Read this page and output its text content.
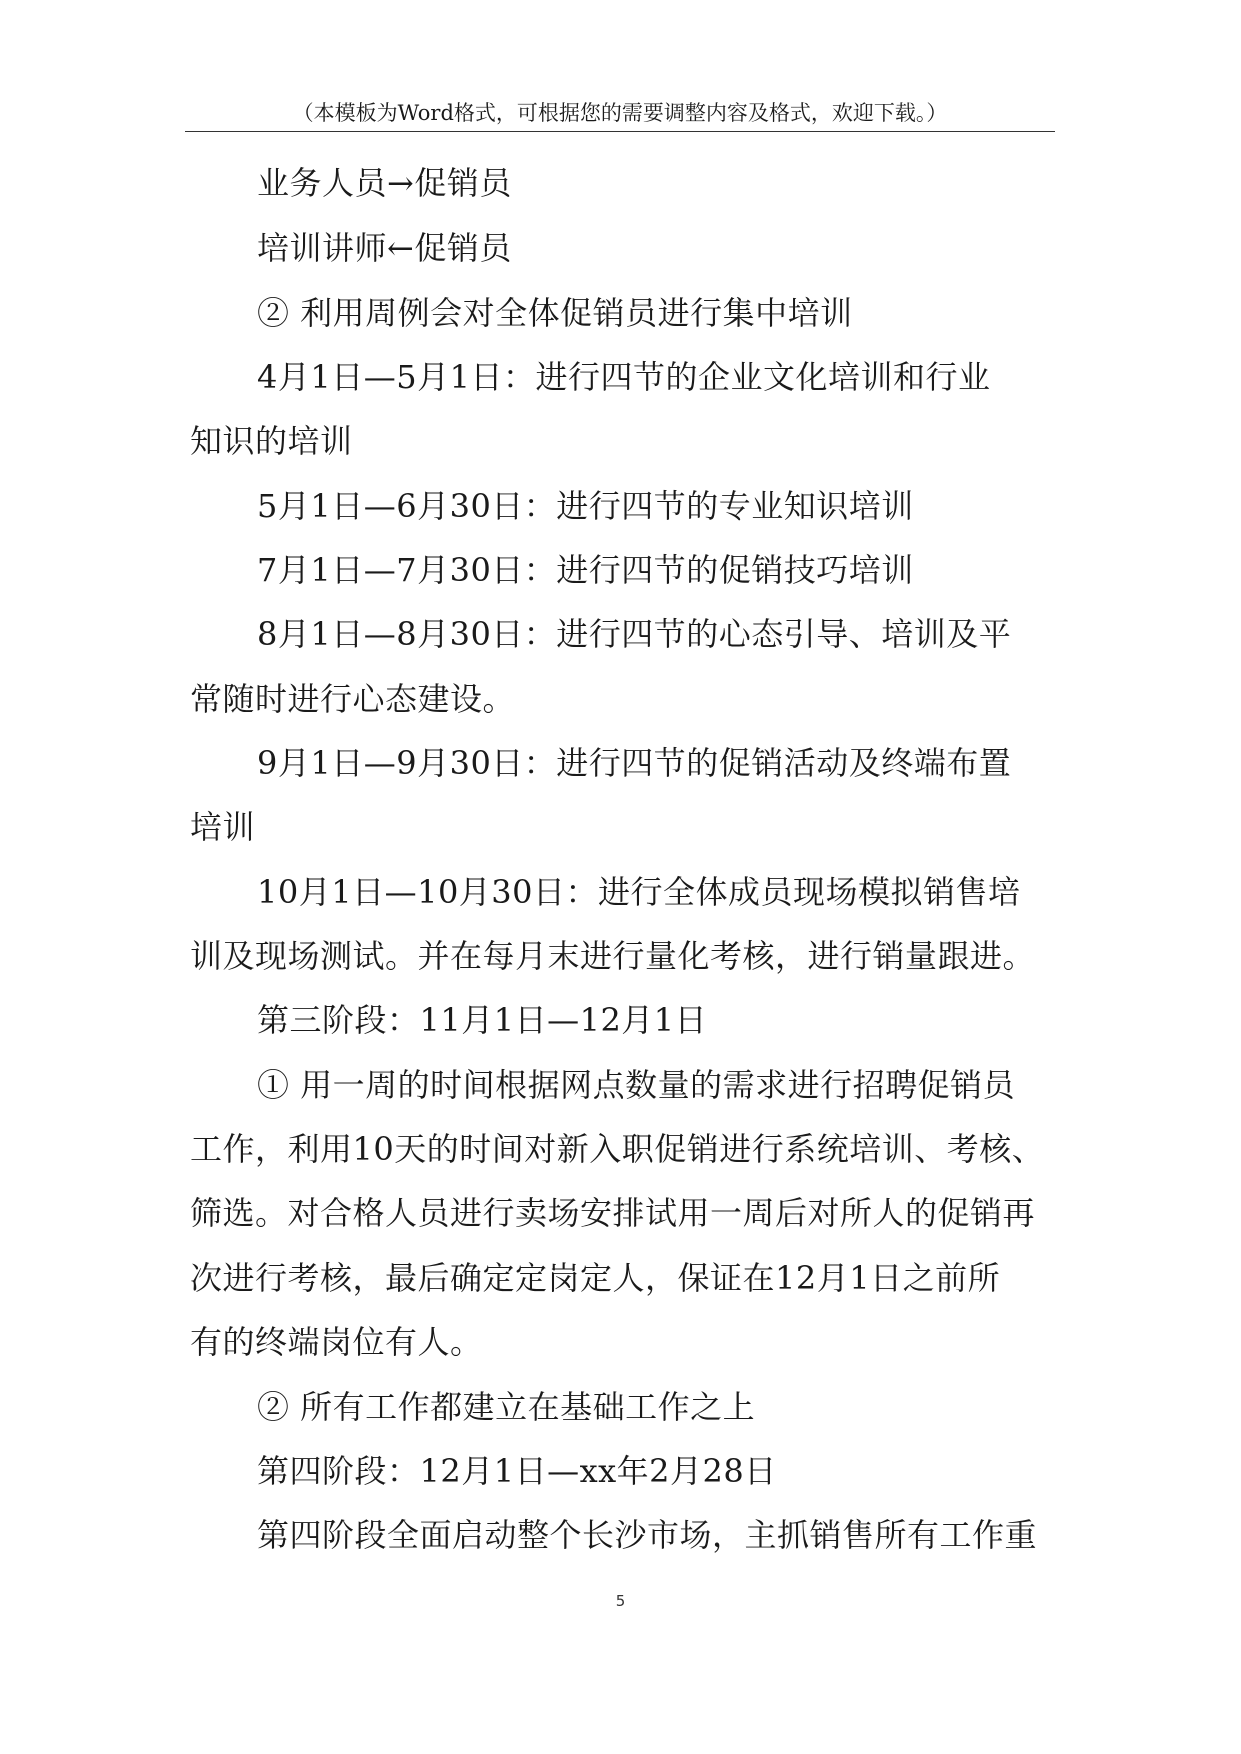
（本模板为Word格式，可根据您的需要调整内容及格式，欢迎下载。）
业务人员→促销员
培训讲师←促销员
② 利用周例会对全体促销员进行集中培训
4月1日—5月1日：进行四节的企业文化培训和行业
知识的培训
5月1日—6月30日：进行四节的专业知识培训
7月1日—7月30日：进行四节的促销技巧培训
8月1日—8月30日：进行四节的心态引导、培训及平
常随时进行心态建设。
9月1日—9月30日：进行四节的促销活动及终端布置
培训
10月1日—10月30日：进行全体成员现场模拟销售培
训及现场测试。并在每月末进行量化考核，进行销量跟进。
第三阶段：11月1日—12月1日
① 用一周的时间根据网点数量的需求进行招聘促销员
工作，利用10天的时间对新入职促销进行系统培训、考核、
筛选。对合格人员进行卖场安排试用一周后对所人的促销再
次进行考核，最后确定定岗定人，保证在12月1日之前所
有的终端岗位有人。
② 所有工作都建立在基础工作之上
第四阶段：12月1日—xx年2月28日
第四阶段全面启动整个长沙市场，主抓销售所有工作重
5
